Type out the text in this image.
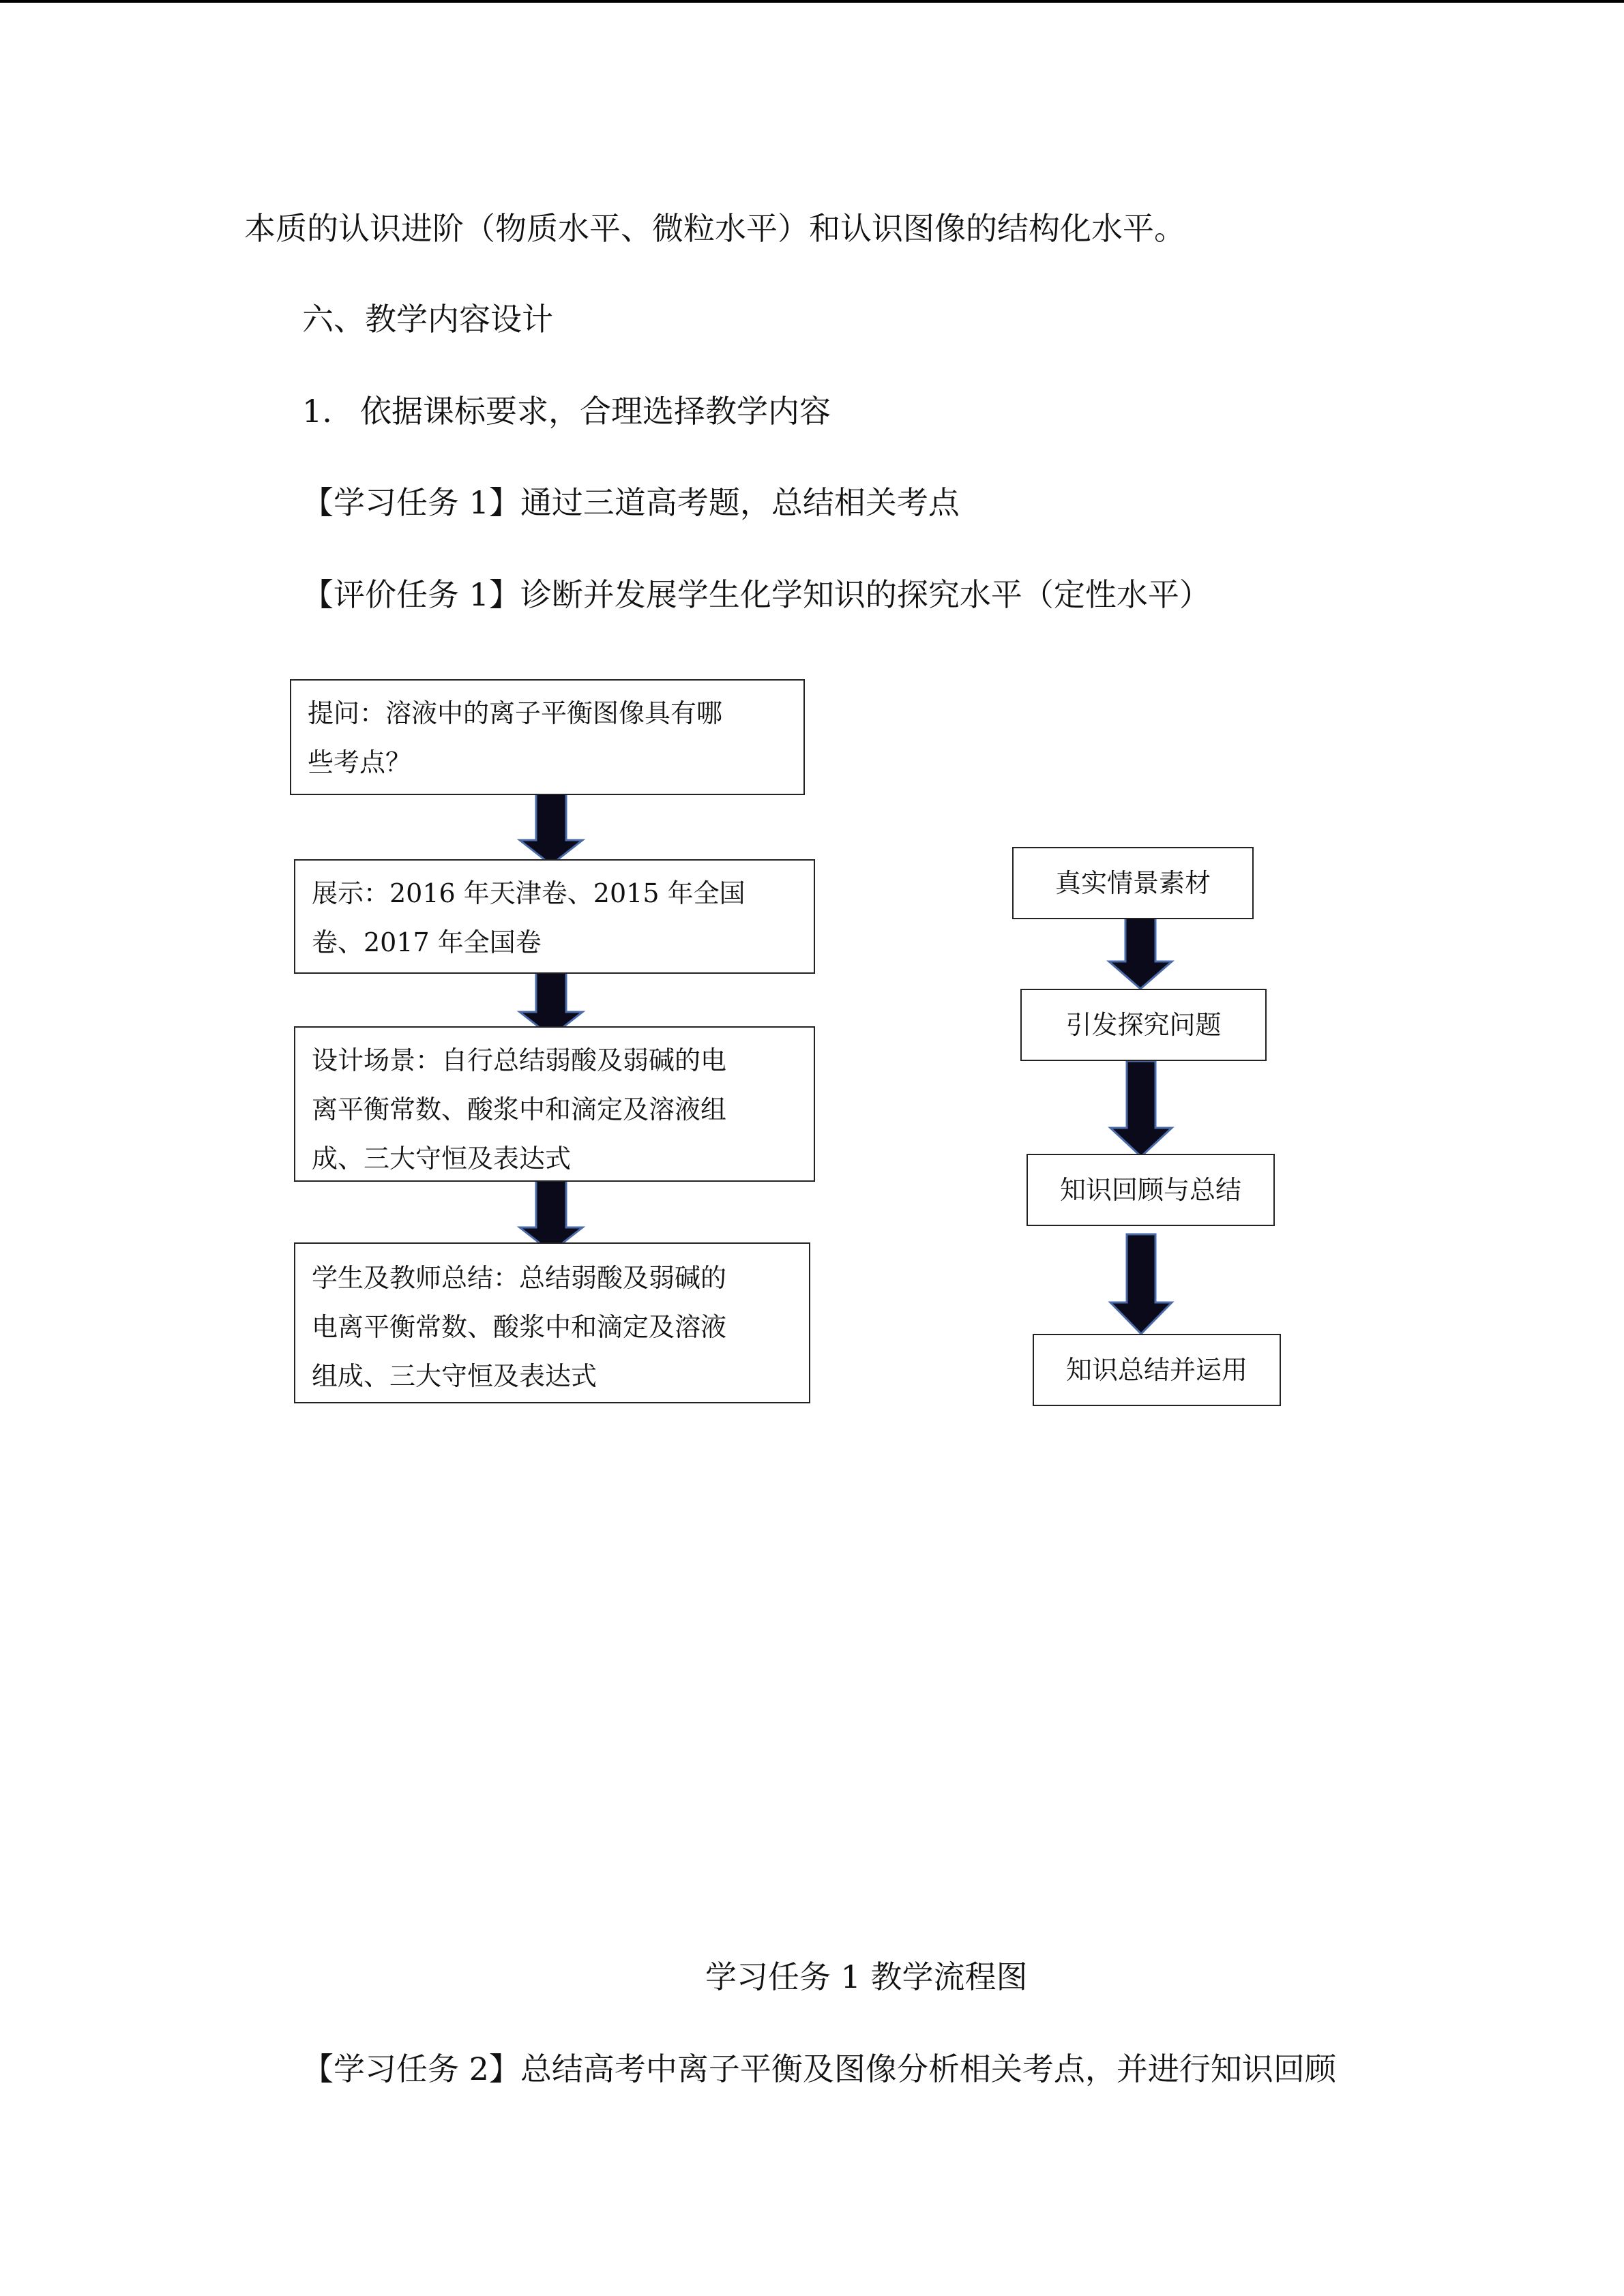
本质的认识进阶（物质水平、微粒水平）和认识图像的结构化水平。
六、教学内容设计
1. 依据课标要求，合理选择教学内容
【学习任务 1】通过三道高考题，总结相关考点
【评价任务 1】诊断并发展学生化学知识的探究水平（定性水平）
提问：溶液中的离子平衡图像具有哪
些考点？
展示：2016 年天津卷、2015 年全国
卷、2017 年全国卷
设计场景：自行总结弱酸及弱碱的电
离平衡常数、酸浆中和滴定及溶液组
成、三大守恒及表达式
学生及教师总结：总结弱酸及弱碱的
电离平衡常数、酸浆中和滴定及溶液
组成、三大守恒及表达式
真实情景素材
引发探究问题
知识回顾与总结
知识总结并运用
学习任务 1 教学流程图
【学习任务 2】总结高考中离子平衡及图像分析相关考点，并进行知识回顾
